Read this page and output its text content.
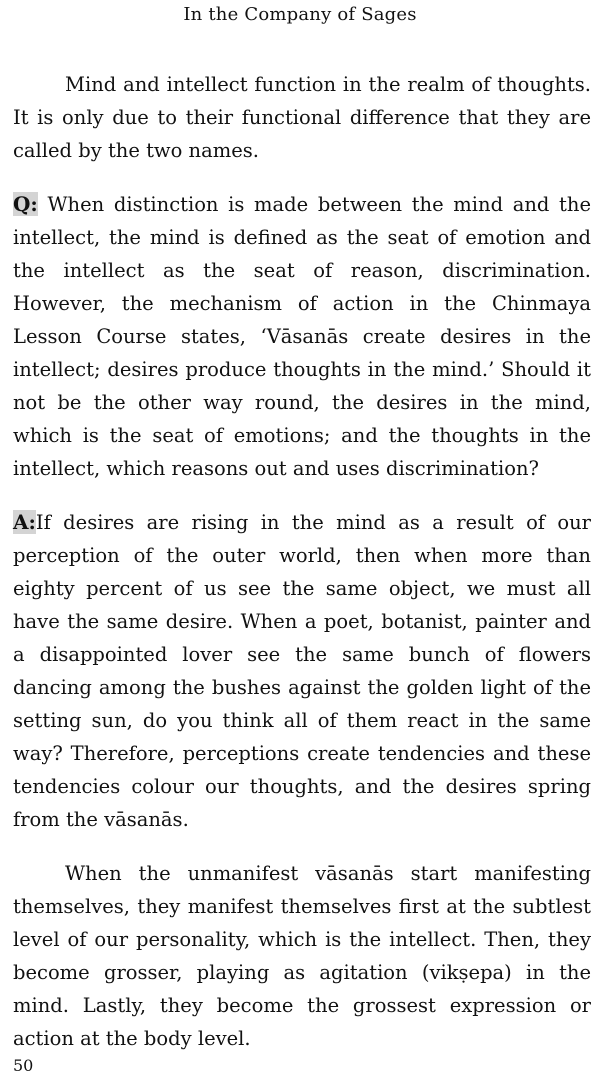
In the Company of Sages

Mind and intellect function in the realm of thoughts. It is only due to their functional difference that they are called by the two names.

Q: When distinction is made between the mind and the intellect, the mind is defined as the seat of emotion and the intellect as the seat of reason, discrimination. However, the mechanism of action in the Chinmaya Lesson Course states, ‘Vāsanās create desires in the intellect; desires produce thoughts in the mind.’ Should it not be the other way round, the desires in the mind, which is the seat of emotions; and the thoughts in the intellect, which reasons out and uses discrimination?

A:If desires are rising in the mind as a result of our perception of the outer world, then when more than eighty percent of us see the same object, we must all have the same desire. When a poet, botanist, painter and a disappointed lover see the same bunch of flowers dancing among the bushes against the golden light of the setting sun, do you think all of them react in the same way? Therefore, perceptions create tendencies and these tendencies colour our thoughts, and the desires spring from the vāsanās.

When the unmanifest vāsanās start manifesting themselves, they manifest themselves first at the subtlest level of our personality, which is the intellect. Then, they become grosser, playing as agitation (vikṣepa) in the mind. Lastly, they become the grossest expression or action at the body level.

50
